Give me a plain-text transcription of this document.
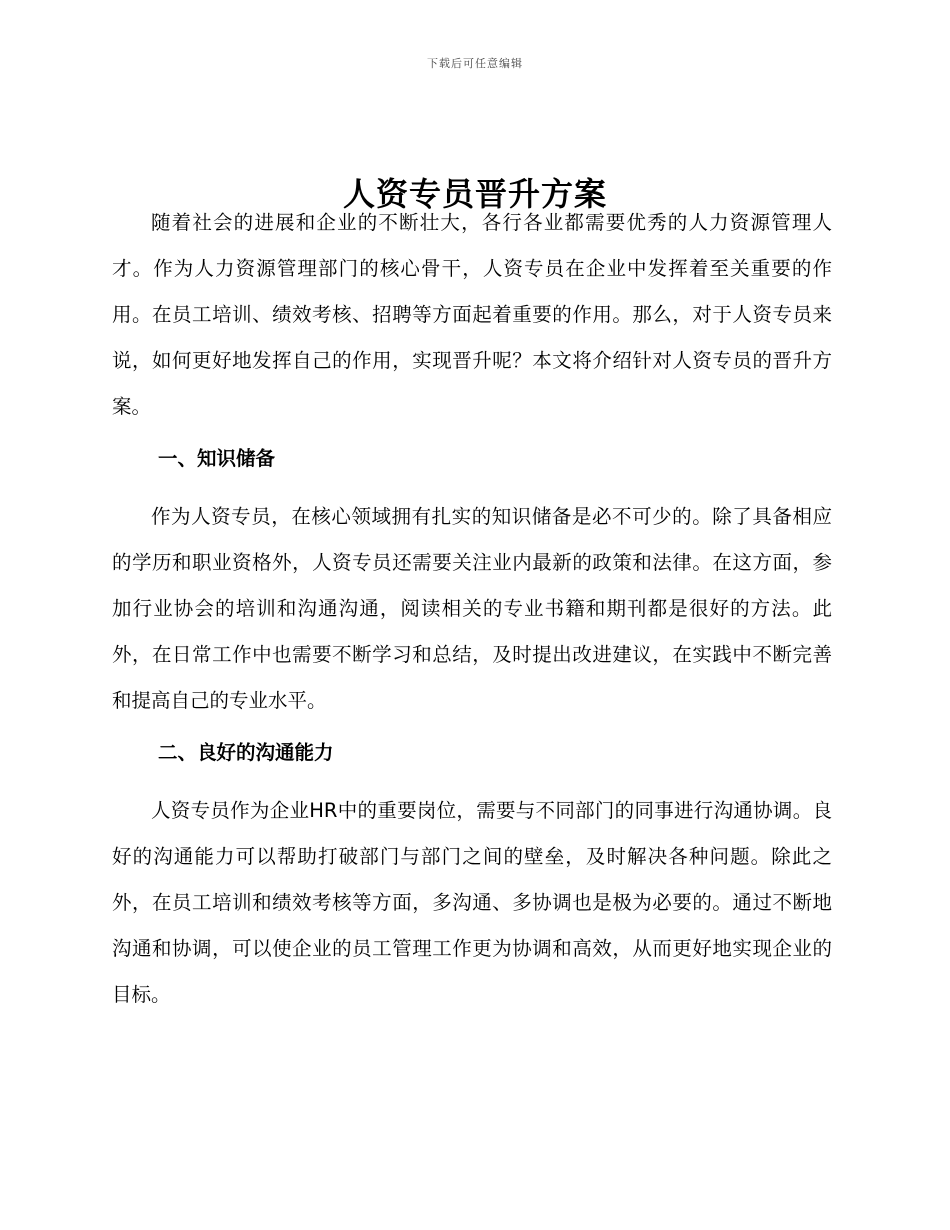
下载后可任意编辑
人资专员晋升方案

随着社会的进展和企业的不断壮大，各行各业都需要优秀的人力资源管理人才。作为人力资源管理部门的核心骨干，人资专员在企业中发挥着至关重要的作用。在员工培训、绩效考核、招聘等方面起着重要的作用。那么，对于人资专员来说，如何更好地发挥自己的作用，实现晋升呢？本文将介绍针对人资专员的晋升方案。

一、知识储备

作为人资专员，在核心领域拥有扎实的知识储备是必不可少的。除了具备相应的学历和职业资格外，人资专员还需要关注业内最新的政策和法律。在这方面，参加行业协会的培训和沟通沟通，阅读相关的专业书籍和期刊都是很好的方法。此外，在日常工作中也需要不断学习和总结，及时提出改进建议，在实践中不断完善和提高自己的专业水平。

二、良好的沟通能力

人资专员作为企业HR中的重要岗位，需要与不同部门的同事进行沟通协调。良好的沟通能力可以帮助打破部门与部门之间的壁垒，及时解决各种问题。除此之外，在员工培训和绩效考核等方面，多沟通、多协调也是极为必要的。通过不断地沟通和协调，可以使企业的员工管理工作更为协调和高效，从而更好地实现企业的目标。
